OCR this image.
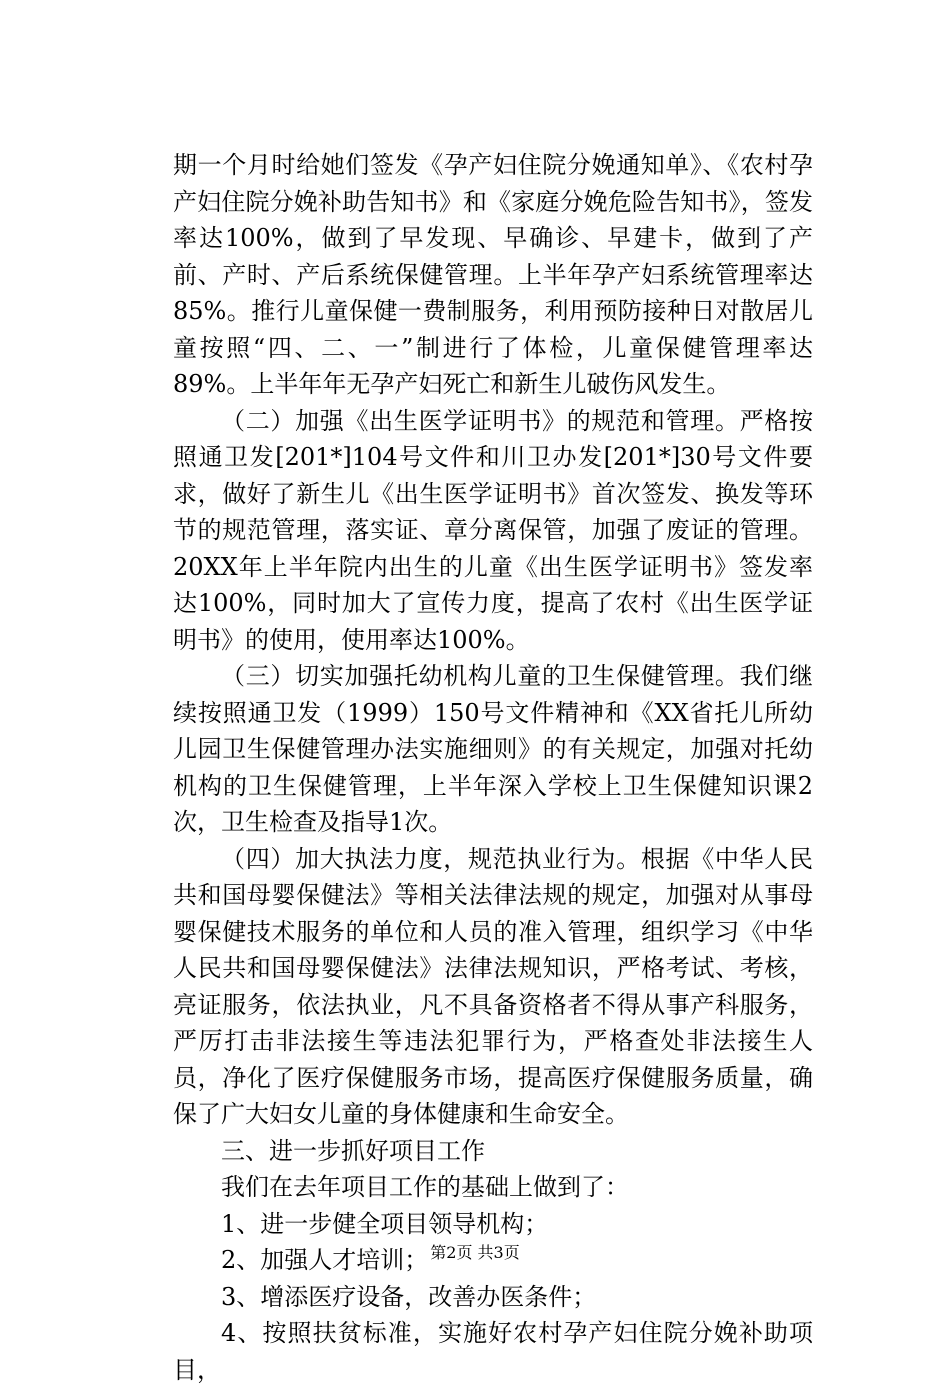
期一个月时给她们签发《孕产妇住院分娩通知单》、《农村孕产妇住院分娩补助告知书》和《家庭分娩危险告知书》，签发率达100%，做到了早发现、早确诊、早建卡，做到了产前、产时、产后系统保健管理。上半年孕产妇系统管理率达85%。推行儿童保健一费制服务，利用预防接种日对散居儿童按照“四、二、一”制进行了体检，儿童保健管理率达89%。上半年年无孕产妇死亡和新生儿破伤风发生。

（二）加强《出生医学证明书》的规范和管理。严格按照通卫发[201*]104号文件和川卫办发[201*]30号文件要求，做好了新生儿《出生医学证明书》首次签发、换发等环节的规范管理，落实证、章分离保管，加强了废证的管理。20XX年上半年院内出生的儿童《出生医学证明书》签发率达100%，同时加大了宣传力度，提高了农村《出生医学证明书》的使用，使用率达100%。

（三）切实加强托幼机构儿童的卫生保健管理。我们继续按照通卫发（1999）150号文件精神和《XX省托儿所幼儿园卫生保健管理办法实施细则》的有关规定，加强对托幼机构的卫生保健管理，上半年深入学校上卫生保健知识课2次，卫生检查及指导1次。

（四）加大执法力度，规范执业行为。根据《中华人民共和国母婴保健法》等相关法律法规的规定，加强对从事母婴保健技术服务的单位和人员的准入管理，组织学习《中华人民共和国母婴保健法》法律法规知识，严格考试、考核，亮证服务，依法执业，凡不具备资格者不得从事产科服务，严厉打击非法接生等违法犯罪行为，严格查处非法接生人员，净化了医疗保健服务市场，提高医疗保健服务质量，确保了广大妇女儿童的身体健康和生命安全。

三、进一步抓好项目工作

我们在去年项目工作的基础上做到了：

1、进一步健全项目领导机构；

2、加强人才培训；

3、增添医疗设备，改善办医条件；

4、按照扶贫标准，实施好农村孕产妇住院分娩补助项目，

第2页 共3页
